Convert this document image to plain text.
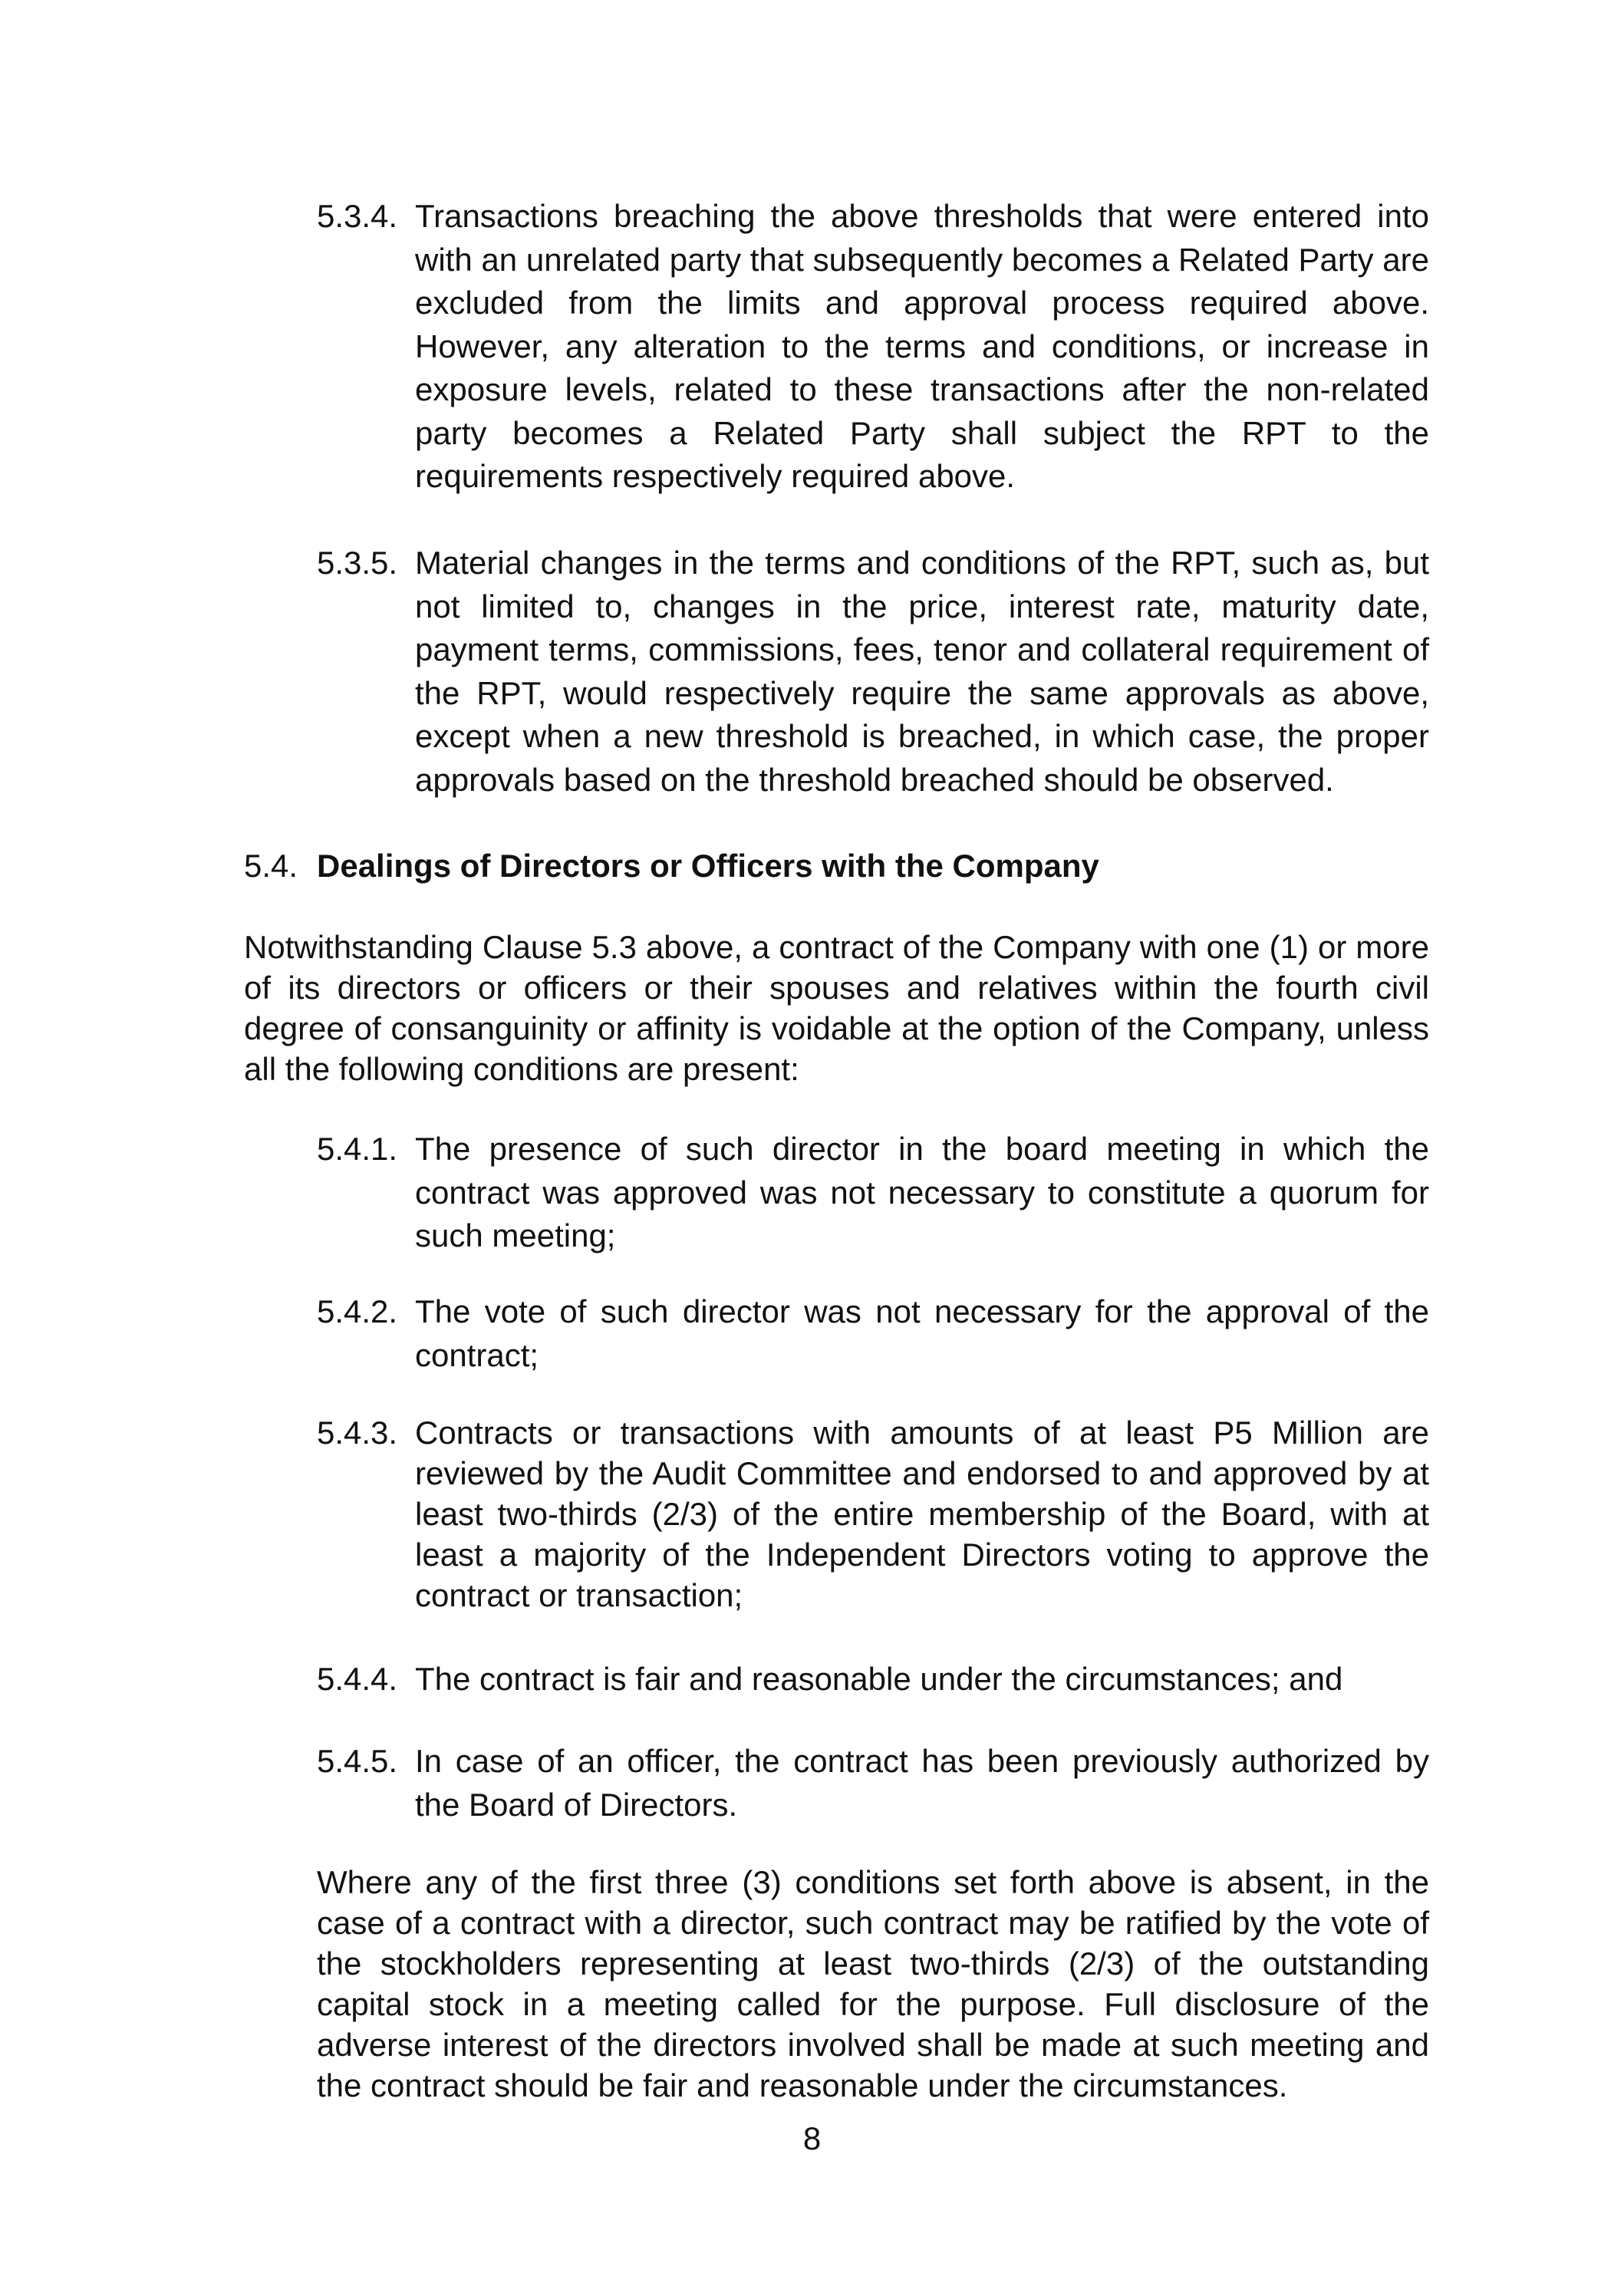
5.3.4. Transactions breaching the above thresholds that were entered into with an unrelated party that subsequently becomes a Related Party are excluded from the limits and approval process required above. However, any alteration to the terms and conditions, or increase in exposure levels, related to these transactions after the non-related party becomes a Related Party shall subject the RPT to the requirements respectively required above.
5.3.5. Material changes in the terms and conditions of the RPT, such as, but not limited to, changes in the price, interest rate, maturity date, payment terms, commissions, fees, tenor and collateral requirement of the RPT, would respectively require the same approvals as above, except when a new threshold is breached, in which case, the proper approvals based on the threshold breached should be observed.
5.4. Dealings of Directors or Officers with the Company
Notwithstanding Clause 5.3 above, a contract of the Company with one (1) or more of its directors or officers or their spouses and relatives within the fourth civil degree of consanguinity or affinity is voidable at the option of the Company, unless all the following conditions are present:
5.4.1. The presence of such director in the board meeting in which the contract was approved was not necessary to constitute a quorum for such meeting;
5.4.2. The vote of such director was not necessary for the approval of the contract;
5.4.3. Contracts or transactions with amounts of at least P5 Million are reviewed by the Audit Committee and endorsed to and approved by at least two-thirds (2/3) of the entire membership of the Board, with at least a majority of the Independent Directors voting to approve the contract or transaction;
5.4.4. The contract is fair and reasonable under the circumstances; and
5.4.5. In case of an officer, the contract has been previously authorized by the Board of Directors.
Where any of the first three (3) conditions set forth above is absent, in the case of a contract with a director, such contract may be ratified by the vote of the stockholders representing at least two-thirds (2/3) of the outstanding capital stock in a meeting called for the purpose. Full disclosure of the adverse interest of the directors involved shall be made at such meeting and the contract should be fair and reasonable under the circumstances.
8
